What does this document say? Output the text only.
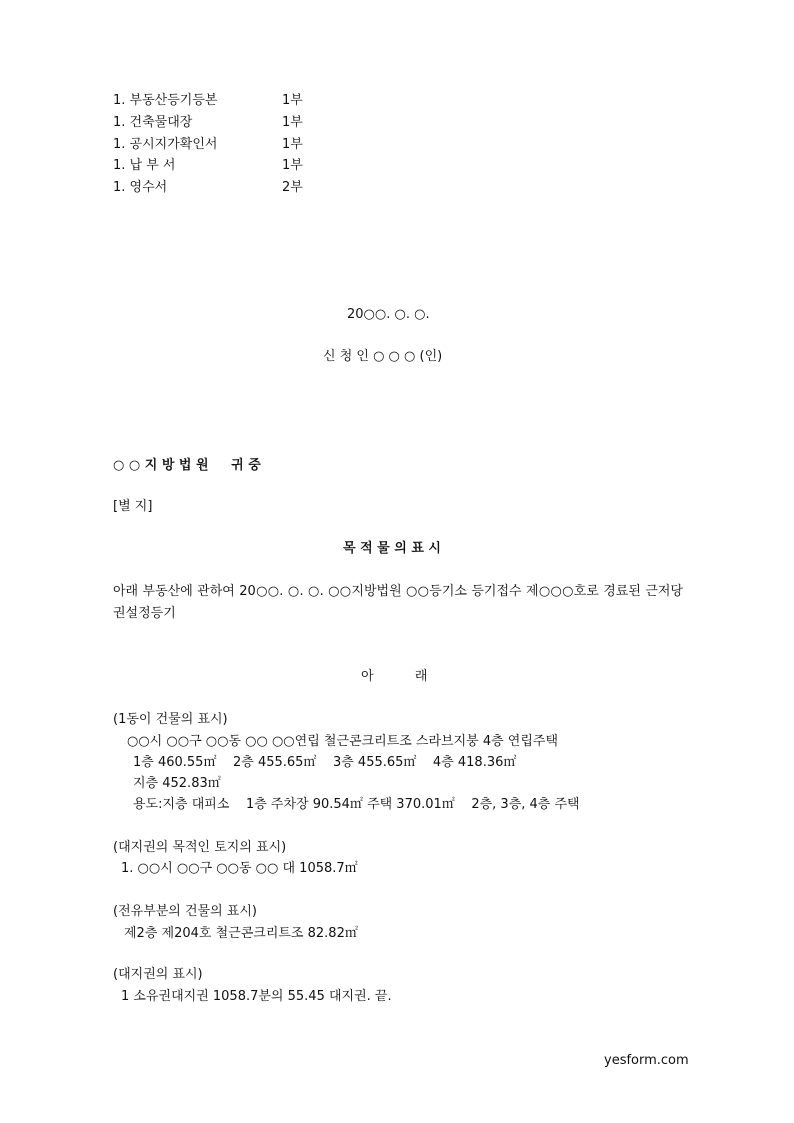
1. 부동산등기등본	1부
1. 건축물대장	1부
1. 공시지가확인서	1부
1. 납 부 서	1부
1. 영수서	2부
20○○. ○. ○.
신 청 인 ○ ○ ○ (인)
○ ○ 지 방 법 원     귀 중
[별 지]
목 적 물 의 표 시
아래 부동산에 관하여 20○○. ○. ○. ○○지방법원 ○○등기소 등기접수 제○○○호로 경료된 근저당권설정등기
아          래
(1동이 건물의 표시)
○○시 ○○구 ○○동 ○○ ○○연립 철근콘크리트조 스라브지붕 4층 연립주택
1층 460.55㎡    2층 455.65㎡    3층 455.65㎡    4층 418.36㎡
지층 452.83㎡
용도:지층 대피소    1층 주차장 90.54㎡ 주택 370.01㎡    2층, 3층, 4층 주택
(대지권의 목적인 토지의 표시)
1. ○○시 ○○구 ○○동 ○○ 대 1058.7㎡
(전유부분의 건물의 표시)
제2층 제204호 철근콘크리트조 82.82㎡
(대지권의 표시)
1 소유권대지권 1058.7분의 55.45 대지권. 끝.
yesform.com
